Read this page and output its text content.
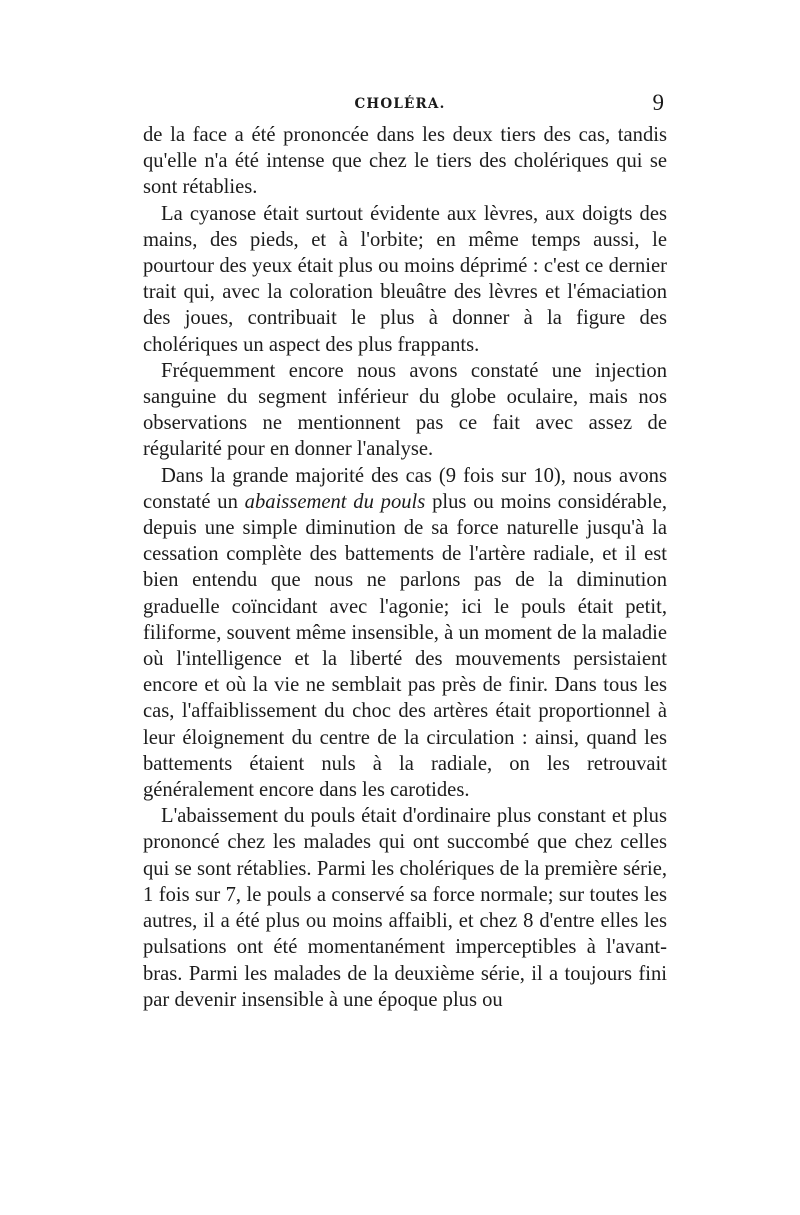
CHOLÉRA.	9

de la face a été prononcée dans les deux tiers des cas, tandis qu'elle n'a été intense que chez le tiers des cholériques qui se sont rétablies.

La cyanose était surtout évidente aux lèvres, aux doigts des mains, des pieds, et à l'orbite; en même temps aussi, le pourtour des yeux était plus ou moins déprimé : c'est ce dernier trait qui, avec la coloration bleuâtre des lèvres et l'émaciation des joues, contribuait le plus à donner à la figure des cholériques un aspect des plus frappants.

Fréquemment encore nous avons constaté une injection sanguine du segment inférieur du globe oculaire, mais nos observations ne mentionnent pas ce fait avec assez de régularité pour en donner l'analyse.

Dans la grande majorité des cas (9 fois sur 10), nous avons constaté un abaissement du pouls plus ou moins considérable, depuis une simple diminution de sa force naturelle jusqu'à la cessation complète des battements de l'artère radiale, et il est bien entendu que nous ne parlons pas de la diminution graduelle coïncidant avec l'agonie; ici le pouls était petit, filiforme, souvent même insensible, à un moment de la maladie où l'intelligence et la liberté des mouvements persistaient encore et où la vie ne semblait pas près de finir. Dans tous les cas, l'affaiblissement du choc des artères était proportionnel à leur éloignement du centre de la circulation : ainsi, quand les battements étaient nuls à la radiale, on les retrouvait généralement encore dans les carotides.

L'abaissement du pouls était d'ordinaire plus constant et plus prononcé chez les malades qui ont succombé que chez celles qui se sont rétablies. Parmi les cholériques de la première série, 1 fois sur 7, le pouls a conservé sa force normale; sur toutes les autres, il a été plus ou moins affaibli, et chez 8 d'entre elles les pulsations ont été momentanément imperceptibles à l'avant-bras. Parmi les malades de la deuxième série, il a toujours fini par devenir insensible à une époque plus ou
